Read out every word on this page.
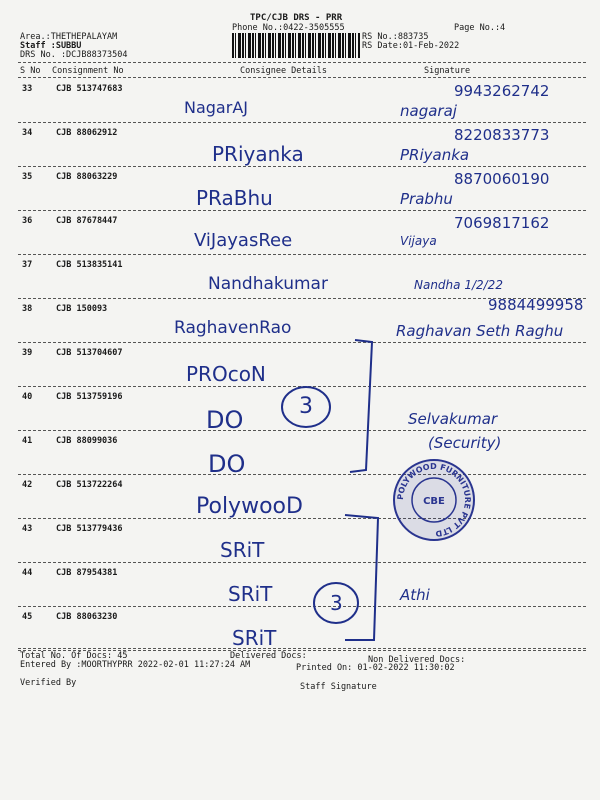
TPC/CJB DRS - PRR
Phone No.:0422-3505555	Page No.:4
Area.:THETHEPALAYAM
Staff :SUBBU
DRS No. :DCJB88373504
RS No.:883735
RS Date:01-Feb-2022
S No Consignment No	Consignee Details	Signature
33	CJB 513747683
NagarAJ	nagaraj
9943262742
34	CJB 88062912
PRiyanka	PRiyanka
8220833773
35	CJB 88063229
PRaBhu	Prabhu
8870060190
36	CJB 87678447
ViJayasRee	Vijaya
7069817162
37	CJB 513835141
Nandhakumar	Nandha 1/2/22
38	CJB 150093
RaghavenRao	Raghavan Seth Raghu
9884499958
39	CJB 513704607
PROcoN
40	CJB 513759196
DO	Selvakumar
41	CJB 88099036
DO
(Security)
42	CJB 513722264
PolywooD
43	CJB 513779436
SRiT
44	CJB 87954381
SRiT	Athi
45	CJB 88063230
SRiT
3
3
POLYWOOD FURNITURE PVT LTD
CBE
Total No. Of Docs: 45	Delivered Docs:	Non Delivered Docs:
Entered By :MOORTHYPRR 2022-02-01 11:27:24 AM	Printed On: 01-02-2022 11:30:02
Verified By	Staff Signature
